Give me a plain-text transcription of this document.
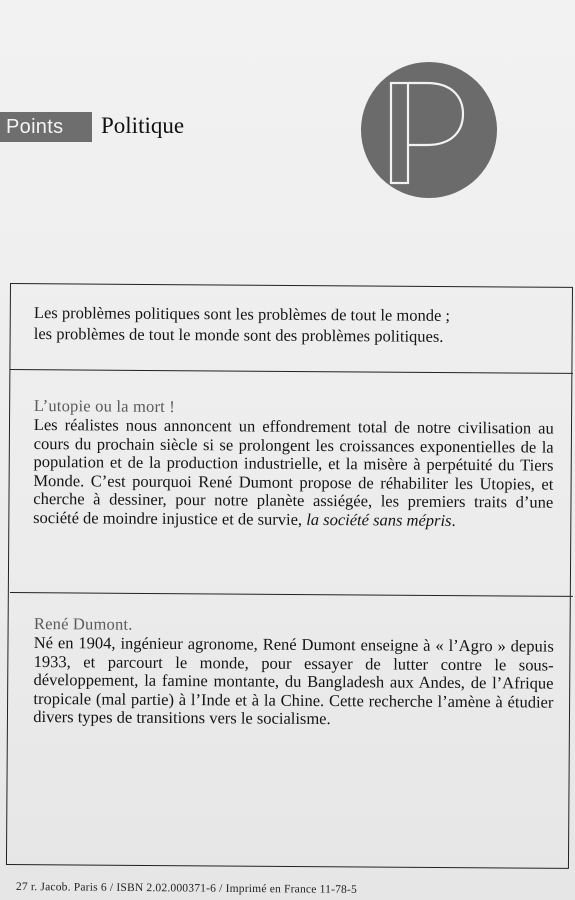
Points Politique
Les problèmes politiques sont les problèmes de tout le monde ;
les problèmes de tout le monde sont des problèmes politiques.
L’utopie ou la mort !
Les réalistes nous annoncent un effondrement total de notre civilisation au cours du prochain siècle si se prolongent les croissances exponentielles de la population et de la production industrielle, et la misère à perpétuité du Tiers Monde. C’est pourquoi René Dumont propose de réhabiliter les Utopies, et cherche à dessiner, pour notre planète assiégée, les premiers traits d’une société de moindre injustice et de survie, la société sans mépris.
René Dumont.
Né en 1904, ingénieur agronome, René Dumont enseigne à « l’Agro » depuis 1933, et parcourt le monde, pour essayer de lutter contre le sous-développement, la famine montante, du Bangladesh aux Andes, de l’Afrique tropicale (mal partie) à l’Inde et à la Chine. Cette recherche l’amène à étudier divers types de transitions vers le socialisme.
27 r. Jacob. Paris 6 / ISBN 2.02.000371-6 / Imprimé en France 11-78-5
